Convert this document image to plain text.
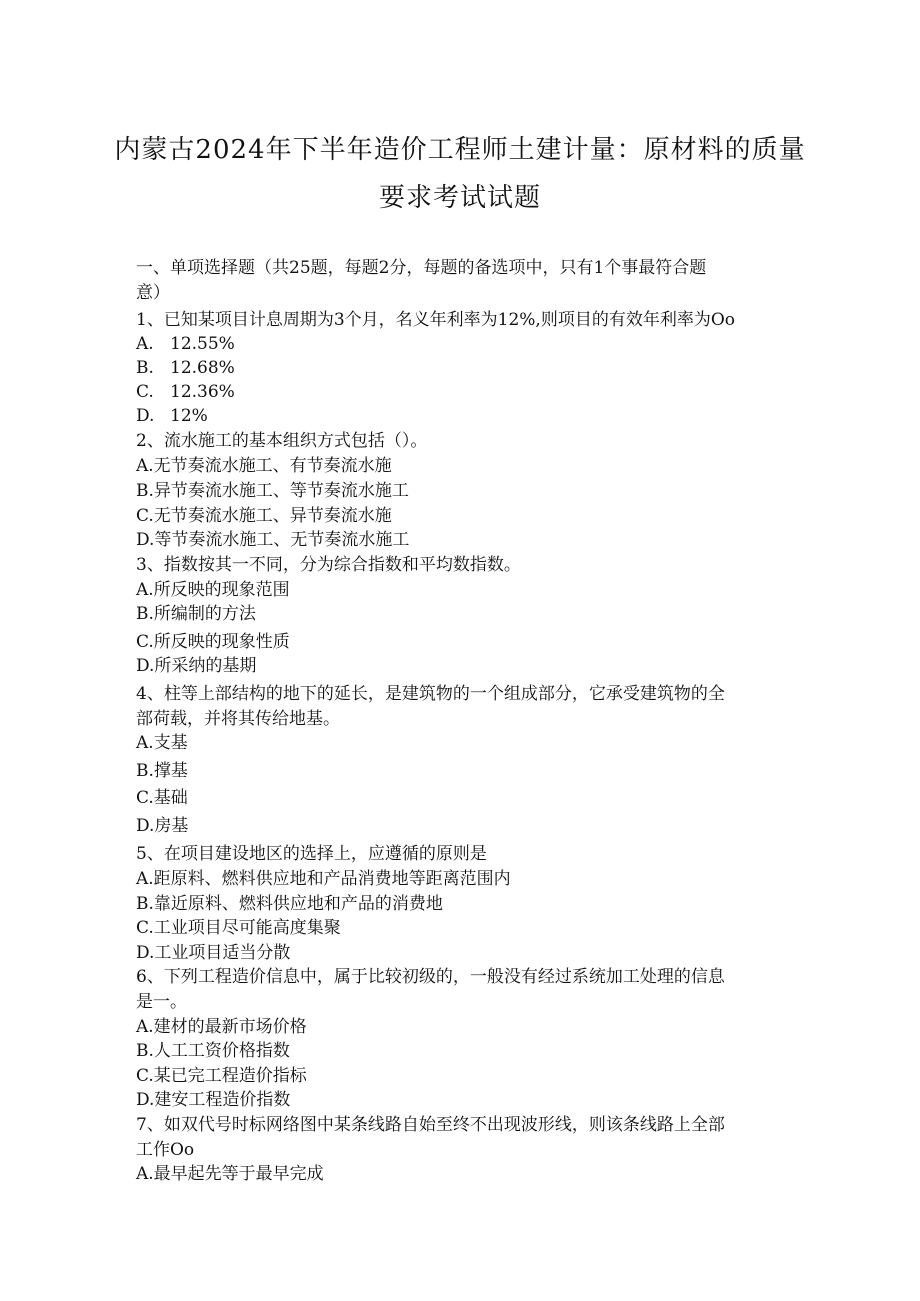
内蒙古2024年下半年造价工程师土建计量：原材料的质量
要求考试试题
一、单项选择题（共25题，每题2分，每题的备选项中，只有1个事最符合题
意）
1、已知某项目计息周期为3个月，名义年利率为12%,则项目的有效年利率为Oo
A. 12.55%
B. 12.68%
C. 12.36%
D. 12%
2、流水施工的基本组织方式包括（）。
A.无节奏流水施工、有节奏流水施
B.异节奏流水施工、等节奏流水施工
C.无节奏流水施工、异节奏流水施
D.等节奏流水施工、无节奏流水施工
3、指数按其一不同，分为综合指数和平均数指数。
A.所反映的现象范围
B.所编制的方法
C.所反映的现象性质
D.所采纳的基期
4、柱等上部结构的地下的延长，是建筑物的一个组成部分，它承受建筑物的全
部荷载，并将其传给地基。
A.支基
B.撑基
C.基础
D.房基
5、在项目建设地区的选择上，应遵循的原则是
A.距原料、燃料供应地和产品消费地等距离范围内
B.靠近原料、燃料供应地和产品的消费地
C.工业项目尽可能高度集聚
D.工业项目适当分散
6、下列工程造价信息中，属于比较初级的，一般没有经过系统加工处理的信息
是一。
A.建材的最新市场价格
B.人工工资价格指数
C.某已完工程造价指标
D.建安工程造价指数
7、如双代号时标网络图中某条线路自始至终不出现波形线，则该条线路上全部
工作Oo
A.最早起先等于最早完成
